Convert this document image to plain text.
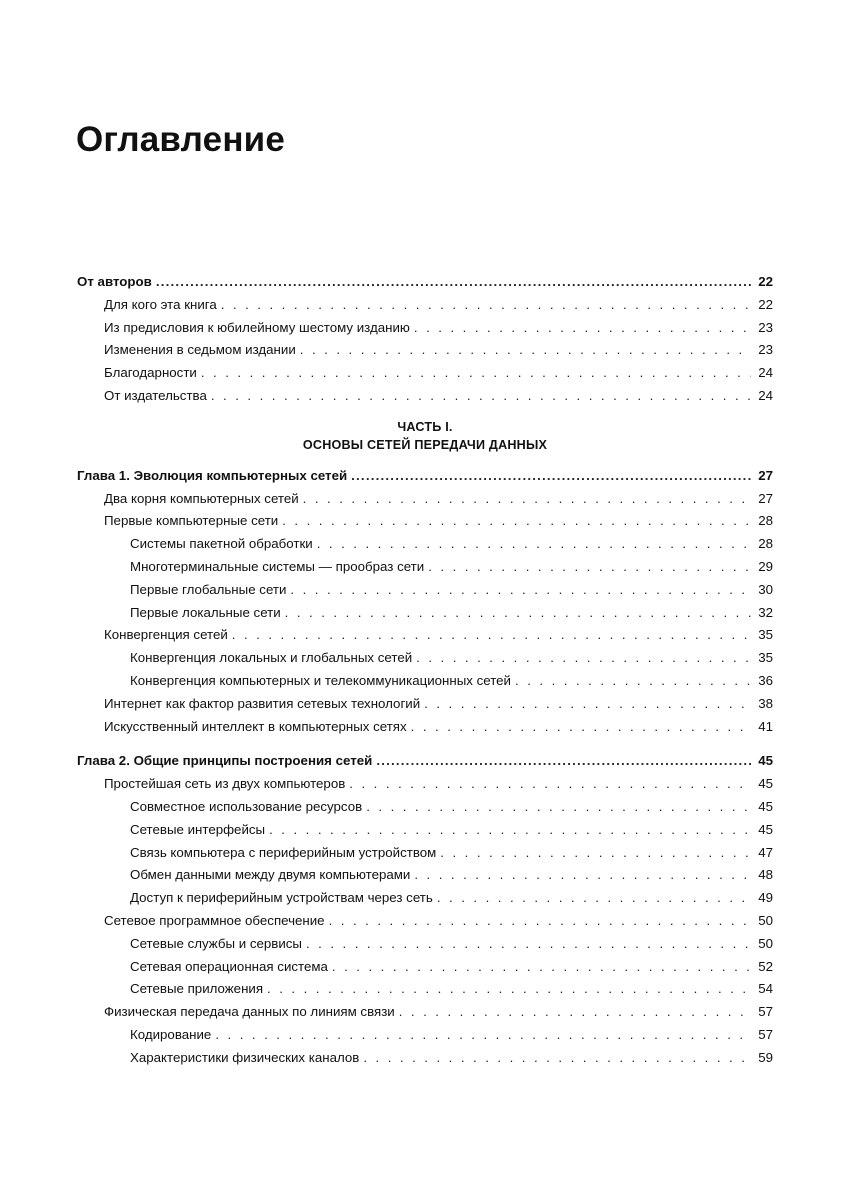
Оглавление
От авторов .....	22
Для кого эта книга . . .	22
Из предисловия к юбилейному шестому изданию . . .	23
Изменения в седьмом издании . . .	23
Благодарности . . .	24
От издательства . . .	24
ЧАСТЬ I.
ОСНОВЫ СЕТЕЙ ПЕРЕДАЧИ ДАННЫХ
Глава 1. Эволюция компьютерных сетей .....	27
Два корня компьютерных сетей . . .	27
Первые компьютерные сети . . .	28
Системы пакетной обработки . . .	28
Многотерминальные системы — прообраз сети . . .	29
Первые глобальные сети . . .	30
Первые локальные сети . . .	32
Конвергенция сетей . . .	35
Конвергенция локальных и глобальных сетей . . .	35
Конвергенция компьютерных и телекоммуникационных сетей . . .	36
Интернет как фактор развития сетевых технологий . . .	38
Искусственный интеллект в компьютерных сетях . . .	41
Глава 2. Общие принципы построения сетей .....	45
Простейшая сеть из двух компьютеров . . .	45
Совместное использование ресурсов . . .	45
Сетевые интерфейсы . . .	45
Связь компьютера с периферийным устройством . . .	47
Обмен данными между двумя компьютерами . . .	48
Доступ к периферийным устройствам через сеть . . .	49
Сетевое программное обеспечение . . .	50
Сетевые службы и сервисы . . .	50
Сетевая операционная система . . .	52
Сетевые приложения . . .	54
Физическая передача данных по линиям связи . . .	57
Кодирование . . .	57
Характеристики физических каналов . . .	59
